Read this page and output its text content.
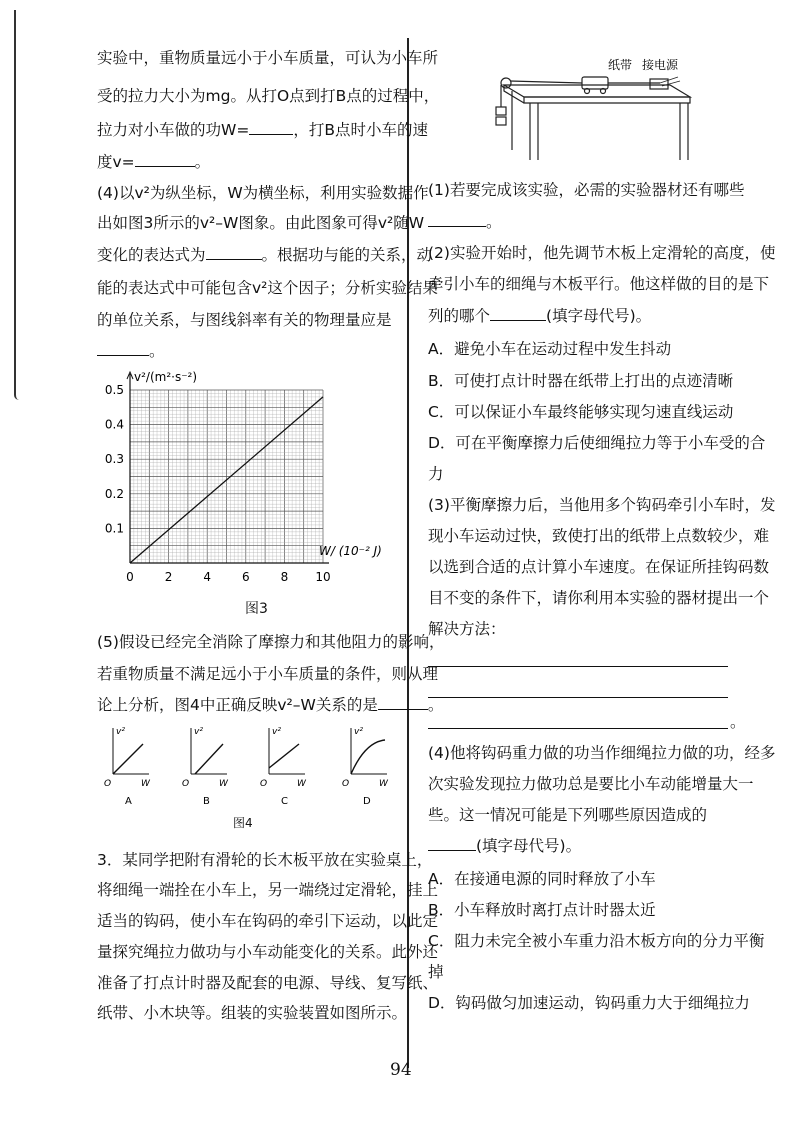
实验中，重物质量远小于小车质量，可认为小车所
受的拉力大小为mg。从打O点到打B点的过程中，
拉力对小车做的功W=	，打B点时小车的速
度v=	。
(4)以v²为纵坐标，W为横坐标，利用实验数据作
出如图3所示的v²–W图象。由此图象可得v²随W
变化的表达式为	。根据功与能的关系，动
能的表达式中可能包含v²这个因子；分析实验结果
的单位关系，与图线斜率有关的物理量应是
。
0.5
0.4
0.3
0.2
0.1
0	2	4	6	8 10
v²/(m²·s⁻²)
W/ (10⁻² J)
图3
(5)假设已经完全消除了摩擦力和其他阻力的影响，
若重物质量不满足远小于小车质量的条件，则从理
论上分析，图4中正确反映v²–W关系的是	。
v²
W
O
A
v²
W
O
B
v²
W
O
C
v²
W
O
D
图4
3．某同学把附有滑轮的长木板平放在实验桌上，
将细绳一端拴在小车上，另一端绕过定滑轮，挂上
适当的钩码，使小车在钩码的牵引下运动，以此定
量探究绳拉力做功与小车动能变化的关系。此外还
准备了打点计时器及配套的电源、导线、复写纸、
纸带、小木块等。组装的实验装置如图所示。
纸带 接电源
(1)若要完成该实验，必需的实验器材还有哪些
。
(2)实验开始时，他先调节木板上定滑轮的高度，使
牵引小车的细绳与木板平行。他这样做的目的是下
列的哪个	(填字母代号)。
A．避免小车在运动过程中发生抖动
B．可使打点计时器在纸带上打出的点迹清晰
C．可以保证小车最终能够实现匀速直线运动
D．可在平衡摩擦力后使细绳拉力等于小车受的合
力
(3)平衡摩擦力后，当他用多个钩码牵引小车时，发
现小车运动过快，致使打出的纸带上点数较少，难
以选到合适的点计算小车速度。在保证所挂钩码数
目不变的条件下，请你利用本实验的器材提出一个
解决方法：
。
(4)他将钩码重力做的功当作细绳拉力做的功，经多
次实验发现拉力做功总是要比小车动能增量大一
些。这一情况可能是下列哪些原因造成的
(填字母代号)。
A．在接通电源的同时释放了小车
B．小车释放时离打点计时器太近
C．阻力未完全被小车重力沿木板方向的分力平衡
掉
D．钩码做匀加速运动，钩码重力大于细绳拉力
94
